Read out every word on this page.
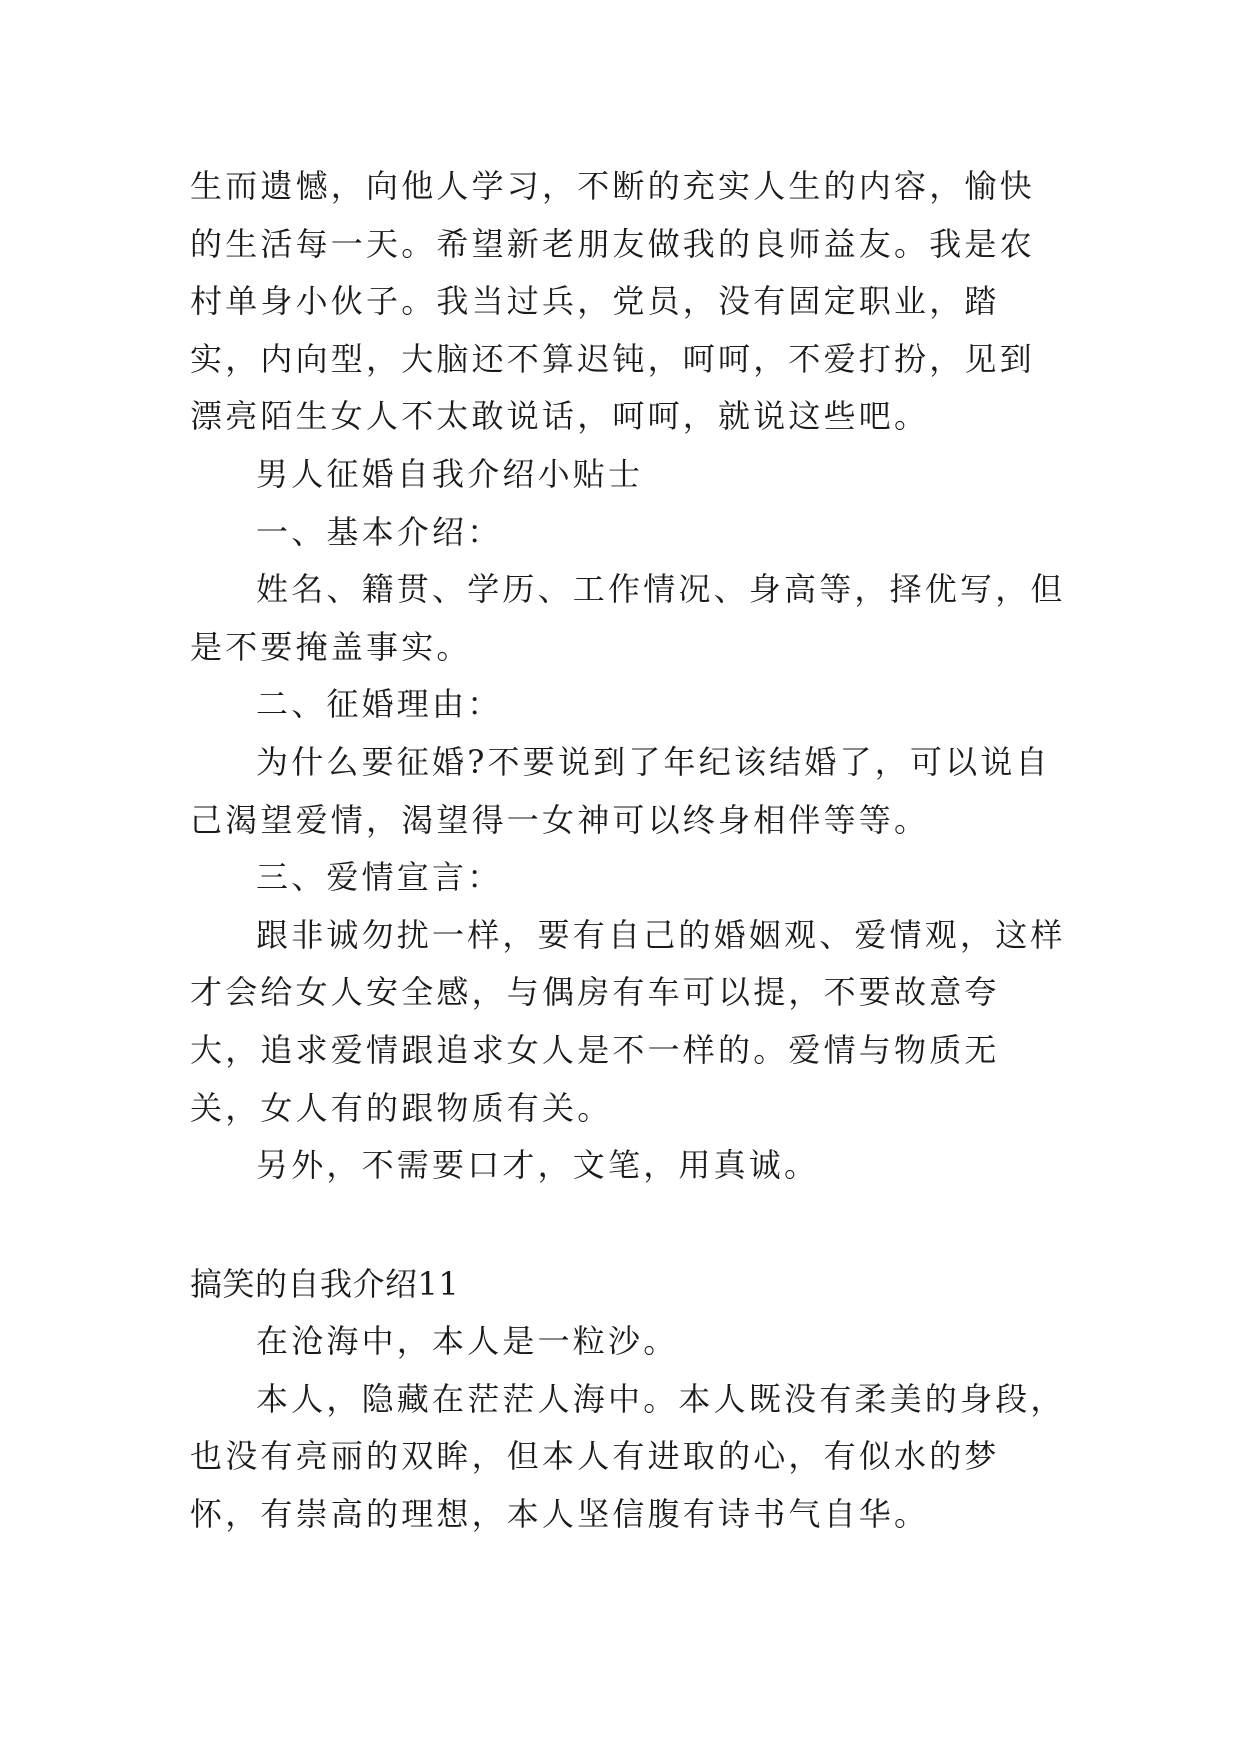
生而遗憾，向他人学习，不断的充实人生的内容，愉快的生活每一天。希望新老朋友做我的良师益友。我是农村单身小伙子。我当过兵，党员，没有固定职业，踏实，内向型，大脑还不算迟钝，呵呵，不爱打扮，见到漂亮陌生女人不太敢说话，呵呵，就说这些吧。

男人征婚自我介绍小贴士

一、基本介绍：

姓名、籍贯、学历、工作情况、身高等，择优写，但是不要掩盖事实。

二、征婚理由：

为什么要征婚?不要说到了年纪该结婚了，可以说自己渴望爱情，渴望得一女神可以终身相伴等等。

三、爱情宣言：

跟非诚勿扰一样，要有自己的婚姻观、爱情观，这样才会给女人安全感，与偶房有车可以提，不要故意夸大，追求爱情跟追求女人是不一样的。爱情与物质无关，女人有的跟物质有关。

另外，不需要口才，文笔，用真诚。

搞笑的自我介绍11

在沧海中，本人是一粒沙。

本人，隐藏在茫茫人海中。本人既没有柔美的身段，也没有亮丽的双眸，但本人有进取的心，有似水的梦怀，有崇高的理想，本人坚信腹有诗书气自华。
